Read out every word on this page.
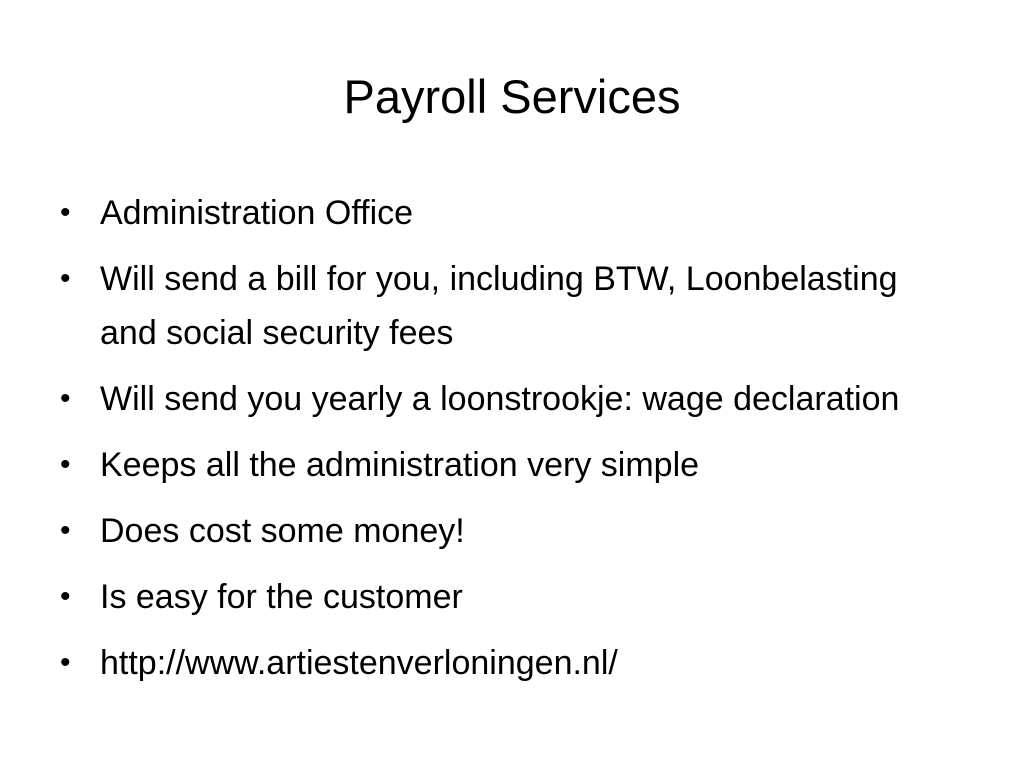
Payroll Services
• Administration Office
• Will send a bill for you, including BTW, Loonbelasting and social security fees
• Will send you yearly a loonstrookje: wage declaration
• Keeps all the administration very simple
• Does cost some money!
• Is easy for the customer
• http://www.artiestenverloningen.nl/
